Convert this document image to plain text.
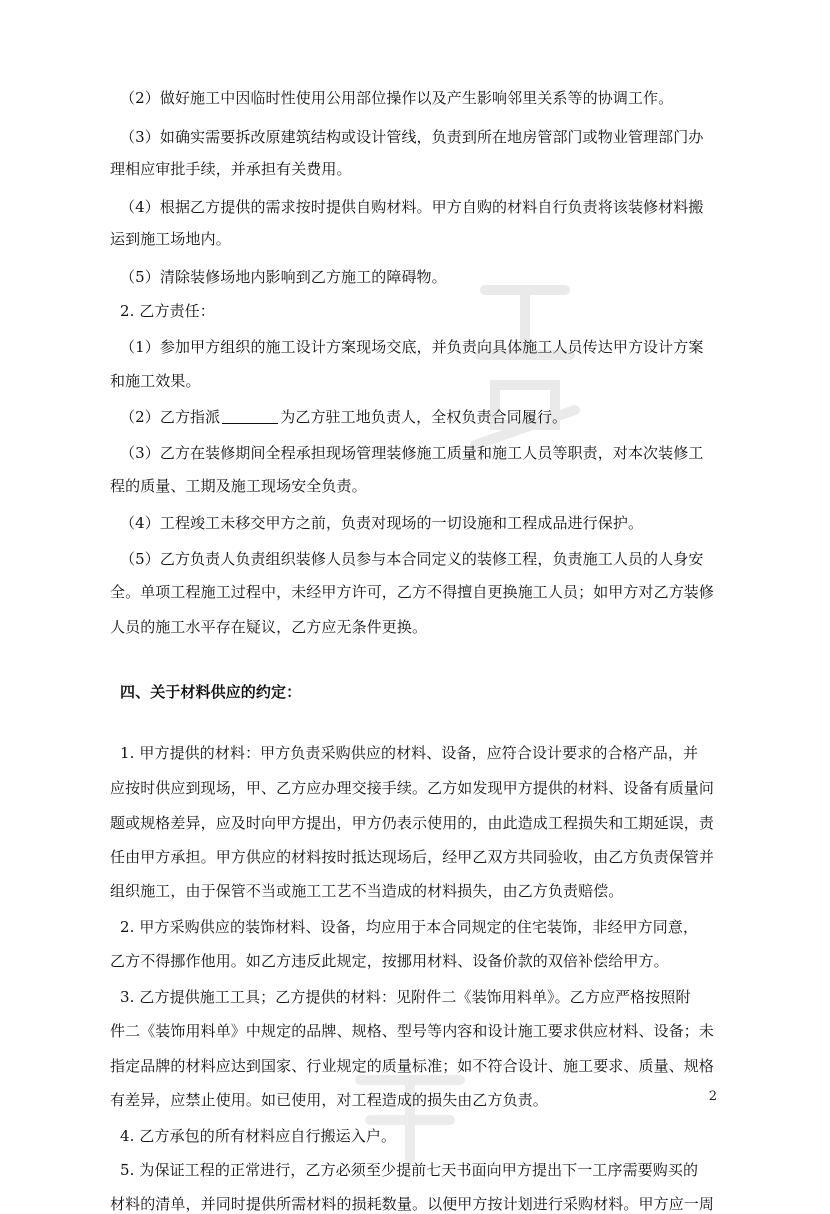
（2）做好施工中因临时性使用公用部位操作以及产生影响邻里关系等的协调工作。
（3）如确实需要拆改原建筑结构或设计管线，负责到所在地房管部门或物业管理部门办
理相应审批手续，并承担有关费用。
（4）根据乙方提供的需求按时提供自购材料。甲方自购的材料自行负责将该装修材料搬
运到施工场地内。
（5）清除装修场地内影响到乙方施工的障碍物。
2. 乙方责任：
（1）参加甲方组织的施工设计方案现场交底，并负责向具体施工人员传达甲方设计方案
和施工效果。
（2）乙方指派	为乙方驻工地负责人，全权负责合同履行。
（3）乙方在装修期间全程承担现场管理装修施工质量和施工人员等职责，对本次装修工
程的质量、工期及施工现场安全负责。
（4）工程竣工未移交甲方之前，负责对现场的一切设施和工程成品进行保护。
（5）乙方负责人负责组织装修人员参与本合同定义的装修工程，负责施工人员的人身安
全。单项工程施工过程中，未经甲方许可，乙方不得擅自更换施工人员；如甲方对乙方装修
人员的施工水平存在疑议，乙方应无条件更换。
四、关于材料供应的约定：
1. 甲方提供的材料：甲方负责采购供应的材料、设备，应符合设计要求的合格产品，并
应按时供应到现场，甲、乙方应办理交接手续。乙方如发现甲方提供的材料、设备有质量问
题或规格差异，应及时向甲方提出，甲方仍表示使用的，由此造成工程损失和工期延误，责
任由甲方承担。甲方供应的材料按时抵达现场后，经甲乙双方共同验收，由乙方负责保管并
组织施工，由于保管不当或施工工艺不当造成的材料损失，由乙方负责赔偿。
2. 甲方采购供应的装饰材料、设备，均应用于本合同规定的住宅装饰，非经甲方同意，
乙方不得挪作他用。如乙方违反此规定，按挪用材料、设备价款的双倍补偿给甲方。
3. 乙方提供施工工具；乙方提供的材料：见附件二《装饰用料单》。乙方应严格按照附
件二《装饰用料单》中规定的品牌、规格、型号等内容和设计施工要求供应材料、设备；未
指定品牌的材料应达到国家、行业规定的质量标准；如不符合设计、施工要求、质量、规格
有差异，应禁止使用。如已使用，对工程造成的损失由乙方负责。
4. 乙方承包的所有材料应自行搬运入户。
5. 为保证工程的正常进行，乙方必须至少提前七天书面向甲方提出下一工序需要购买的
材料的清单，并同时提供所需材料的损耗数量。以便甲方按计划进行采购材料。甲方应一周
2
